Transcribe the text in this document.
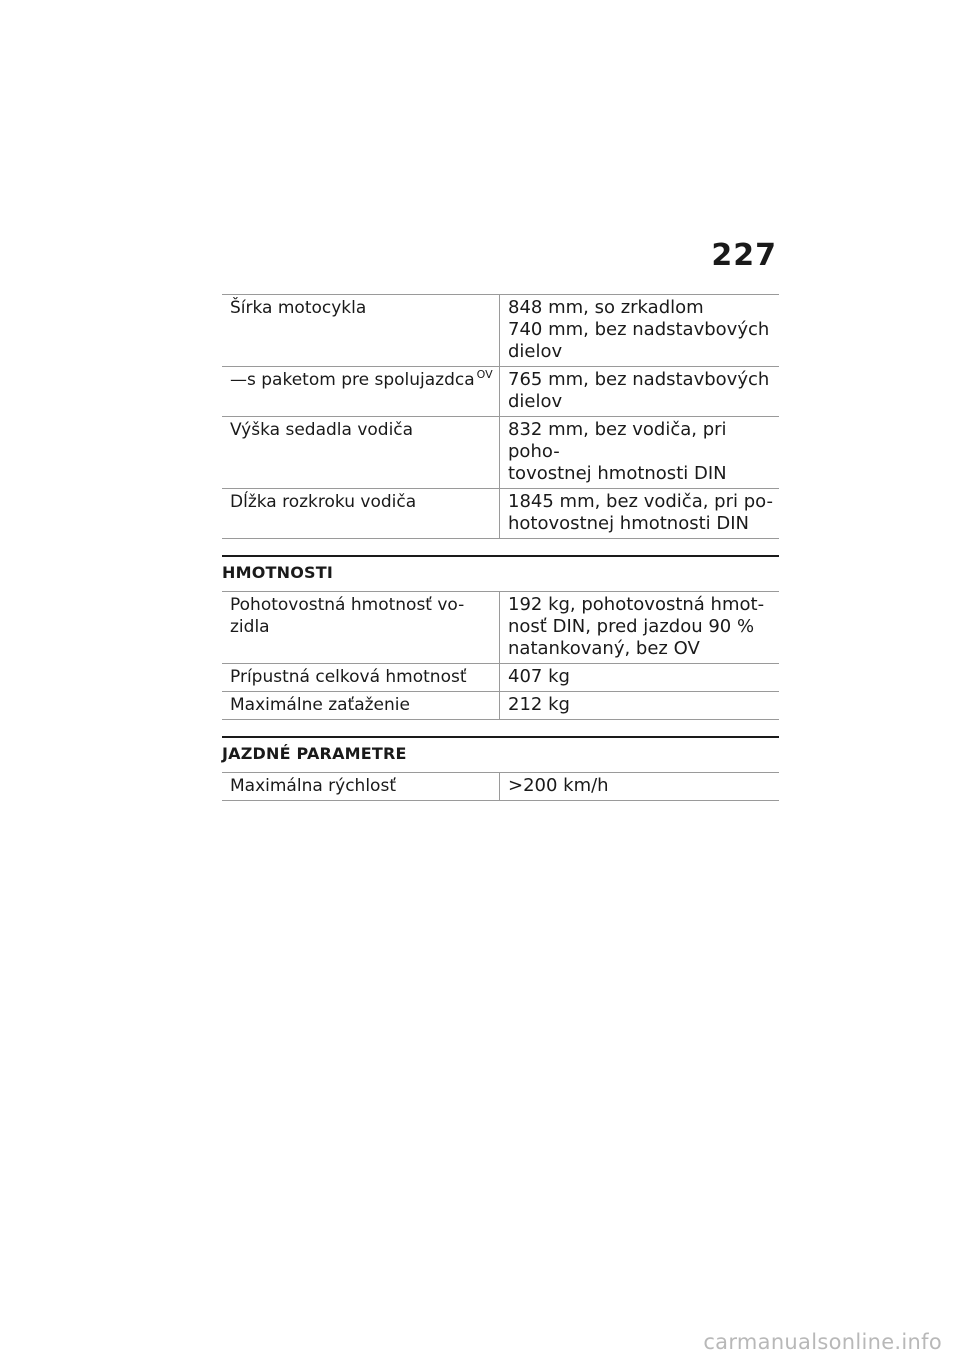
227
Šírka motocykla	848 mm, so zrkadlom
740 mm, bez nadstavbových
dielov
—s paketom pre spolujazdca $^{OV}$	765 mm, bez nadstavbových
dielov
Výška sedadla vodiča	832 mm, bez vodiča, pri poho-
tovostnej hmotnosti DIN
Dĺžka rozkroku vodiča	1845 mm, bez vodiča, pri po-
hotovostnej hmotnosti DIN
HMOTNOSTI
Pohotovostná hmotnosť vo-
zidla	192 kg, pohotovostná hmot-
nosť DIN, pred jazdou 90 %
natankovaný, bez OV
Prípustná celková hmotnosť	407 kg
Maximálne zaťaženie	212 kg
JAZDNÉ PARAMETRE
Maximálna rýchlosť	>200 km/h
carmanualsonline.info
